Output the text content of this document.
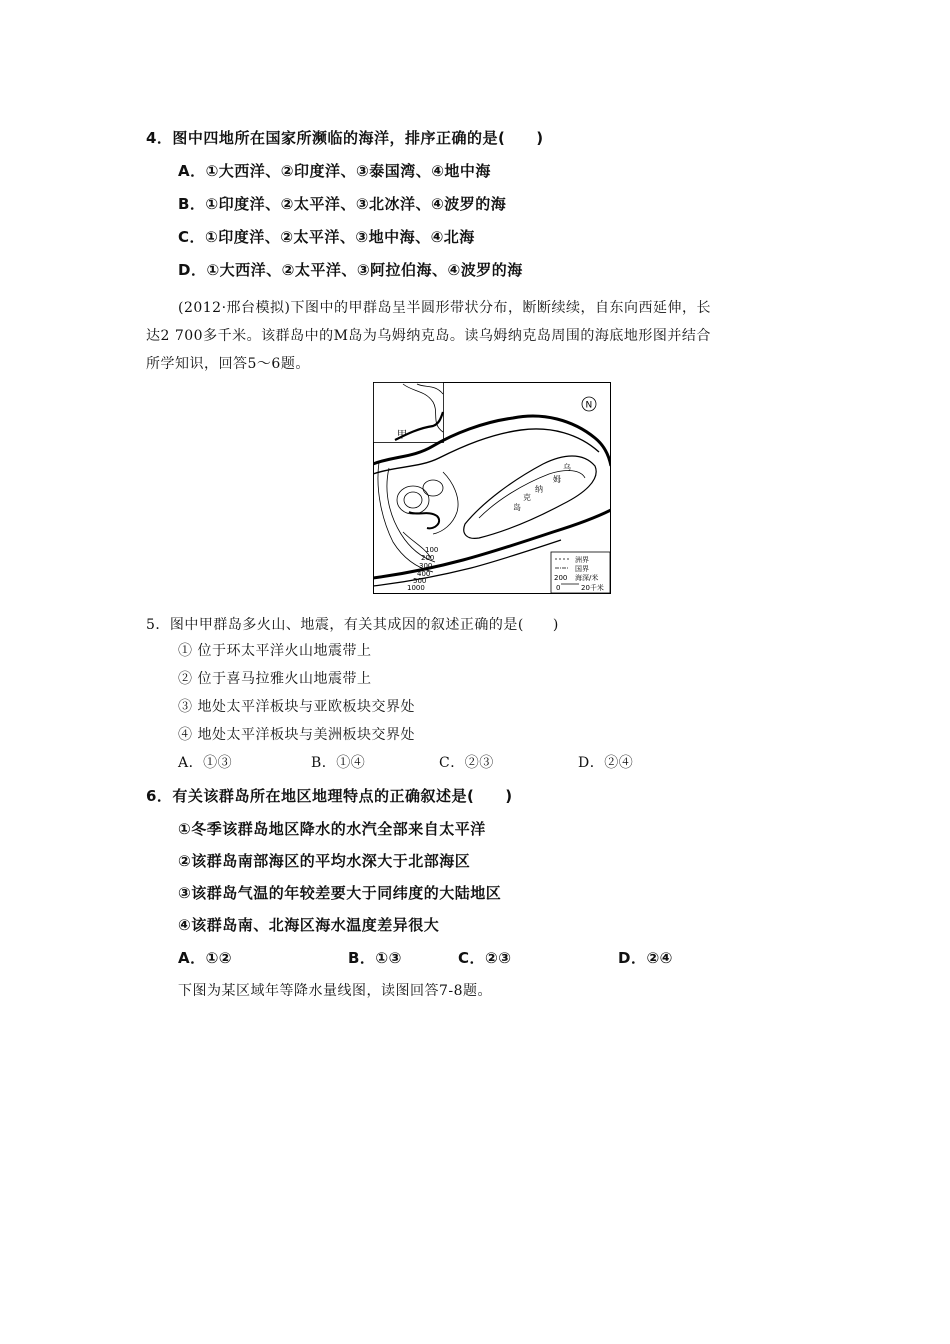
4．图中四地所在国家所濒临的海洋，排序正确的是(　　)
A．①大西洋、②印度洋、③泰国湾、④地中海
B．①印度洋、②太平洋、③北冰洋、④波罗的海
C．①印度洋、②太平洋、③地中海、④北海
D．①大西洋、②太平洋、③阿拉伯海、④波罗的海
(2012·邢台模拟)下图中的甲群岛呈半圆形带状分布，断断续续，自东向西延伸，长
达2 700多千米。该群岛中的M岛为乌姆纳克岛。读乌姆纳克岛周围的海底地形图并结合
所学知识，回答5～6题。
甲
N
乌
姆
纳
克
岛
100
200
300
400
500
1000
洲界
国界
海深/米
200
0	20千米
5．图中甲群岛多火山、地震，有关其成因的叙述正确的是(　　)
① 位于环太平洋火山地震带上
② 位于喜马拉雅火山地震带上
③ 地处太平洋板块与亚欧板块交界处
④ 地处太平洋板块与美洲板块交界处
A．①③	B．①④	C．②③	D．②④
6．有关该群岛所在地区地理特点的正确叙述是(　　)
①冬季该群岛地区降水的水汽全部来自太平洋
②该群岛南部海区的平均水深大于北部海区
③该群岛气温的年较差要大于同纬度的大陆地区
④该群岛南、北海区海水温度差异很大
A．①②	B．①③	C．②③	D．②④
下图为某区域年等降水量线图，读图回答7-8题。
